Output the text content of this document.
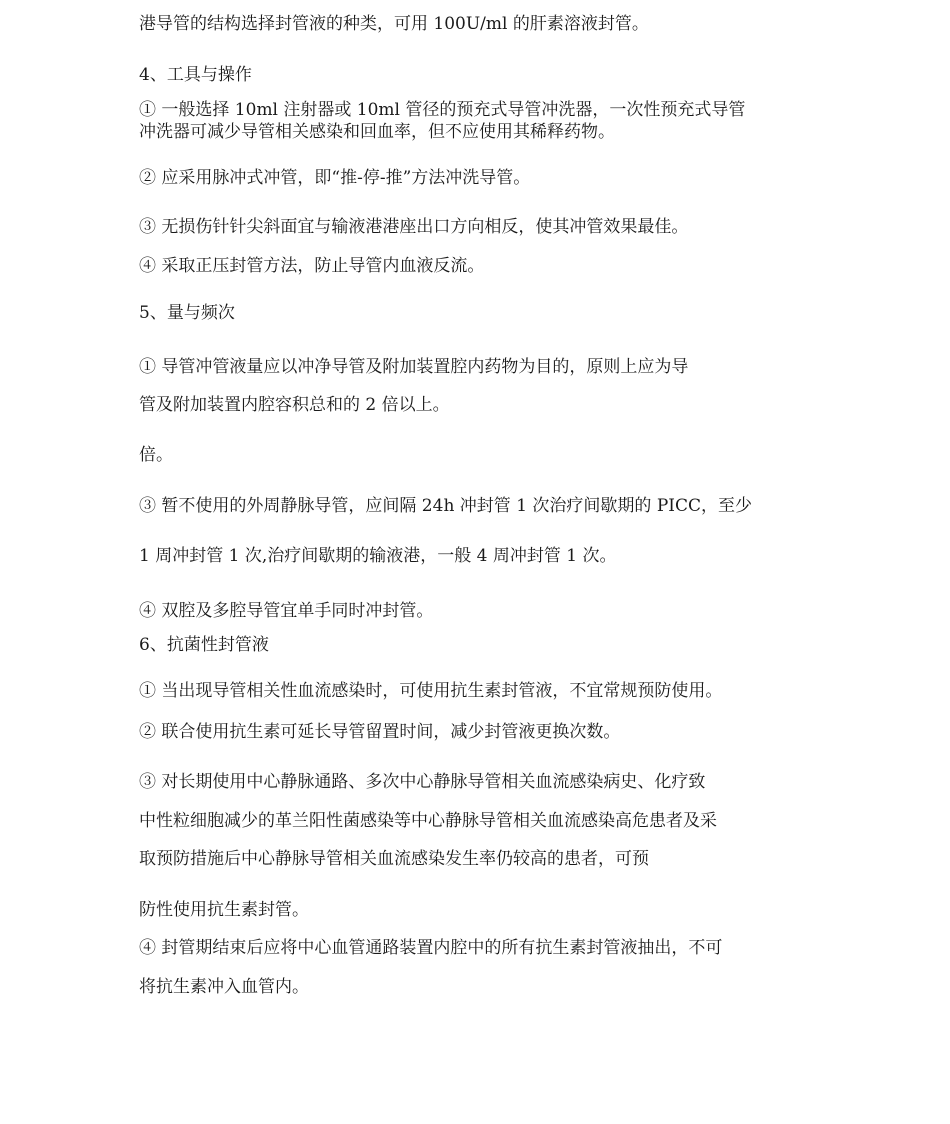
港导管的结构选择封管液的种类，可用 100U/ml 的肝素溶液封管。

4、工具与操作

① 一般选择 10ml 注射器或 10ml 管径的预充式导管冲洗器，一次性预充式导管

冲洗器可减少导管相关感染和回血率，但不应使用其稀释药物。

② 应采用脉冲式冲管，即“推-停-推”方法冲洗导管。

③ 无损伤针针尖斜面宜与输液港港座出口方向相反，使其冲管效果最佳。

④ 采取正压封管方法，防止导管内血液反流。

5、量与频次

① 导管冲管液量应以冲净导管及附加装置腔内药物为目的，原则上应为导

管及附加装置内腔容积总和的 2 倍以上。

倍。

③ 暂不使用的外周静脉导管，应间隔 24h 冲封管 1 次治疗间歇期的 PICC，至少

1 周冲封管 1 次,治疗间歇期的输液港，一般 4 周冲封管 1 次。

④ 双腔及多腔导管宜单手同时冲封管。

6、抗菌性封管液

① 当出现导管相关性血流感染时，可使用抗生素封管液，不宜常规预防使用。

② 联合使用抗生素可延长导管留置时间，减少封管液更换次数。

③ 对长期使用中心静脉通路、多次中心静脉导管相关血流感染病史、化疗致

中性粒细胞减少的革兰阳性菌感染等中心静脉导管相关血流感染高危患者及采

取预防措施后中心静脉导管相关血流感染发生率仍较高的患者，可预

防性使用抗生素封管。

④ 封管期结束后应将中心血管通路装置内腔中的所有抗生素封管液抽出，不可

将抗生素冲入血管内。
